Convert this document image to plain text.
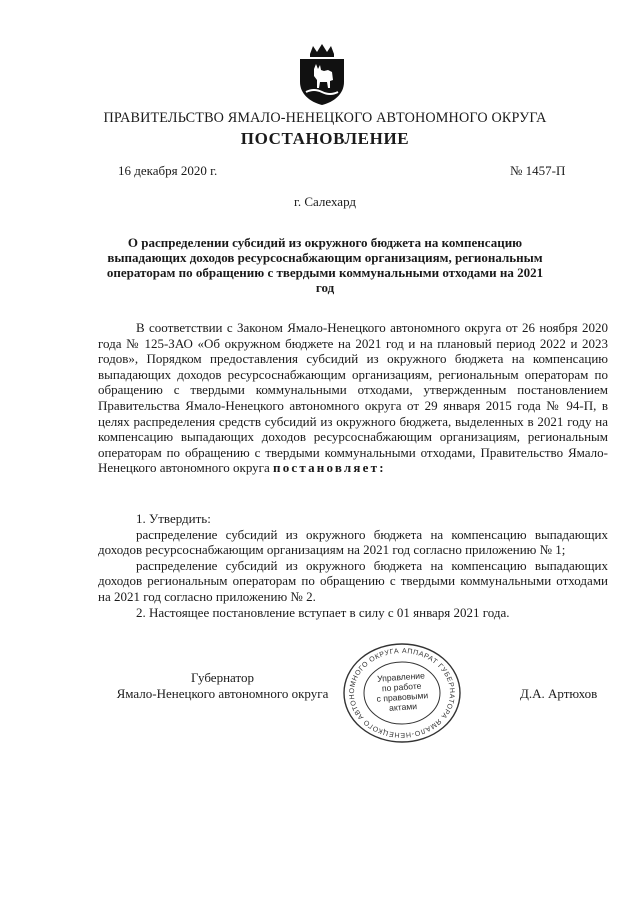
ПРАВИТЕЛЬСТВО ЯМАЛО-НЕНЕЦКОГО АВТОНОМНОГО ОКРУГА
ПОСТАНОВЛЕНИЕ
16 декабря 2020 г.	№ 1457-П
г. Салехард
О распределении субсидий из окружного бюджета на компенсацию выпадающих доходов ресурсоснабжающим организациям, региональным операторам по обращению с твердыми коммунальными отходами на 2021 год

В соответствии с Законом Ямало-Ненецкого автономного округа от 26 ноября 2020 года № 125-ЗАО «Об окружном бюджете на 2021 год и на плановый период 2022 и 2023 годов», Порядком предоставления субсидий из окружного бюджета на компенсацию выпадающих доходов ресурсоснабжающим организациям, региональным операторам по обращению с твердыми коммунальными отходами, утвержденным постановлением Правительства Ямало-Ненецкого автономного округа от 29 января 2015 года № 94-П, в целях распределения средств субсидий из окружного бюджета, выделенных в 2021 году на компенсацию выпадающих доходов ресурсоснабжающим организациям, региональным операторам по обращению с твердыми коммунальными отходами, Правительство Ямало-Ненецкого автономного округа постановляет:

1. Утвердить:

распределение субсидий из окружного бюджета на компенсацию выпадающих доходов ресурсоснабжающим организациям на 2021 год согласно приложению № 1;

распределение субсидий из окружного бюджета на компенсацию выпадающих доходов региональным операторам по обращению с твердыми коммунальными отходами на 2021 год согласно приложению № 2.

2. Настоящее постановление вступает в силу с 01 января 2021 года.

Губернатор
Ямало-Ненецкого автономного округа
АППАРАТ ГУБЕРНАТОРА ЯМАЛО-НЕНЕЦКОГО АВТОНОМНОГО ОКРУГА
Управление
по работе
с правовыми
актами
Д.А. Артюхов
